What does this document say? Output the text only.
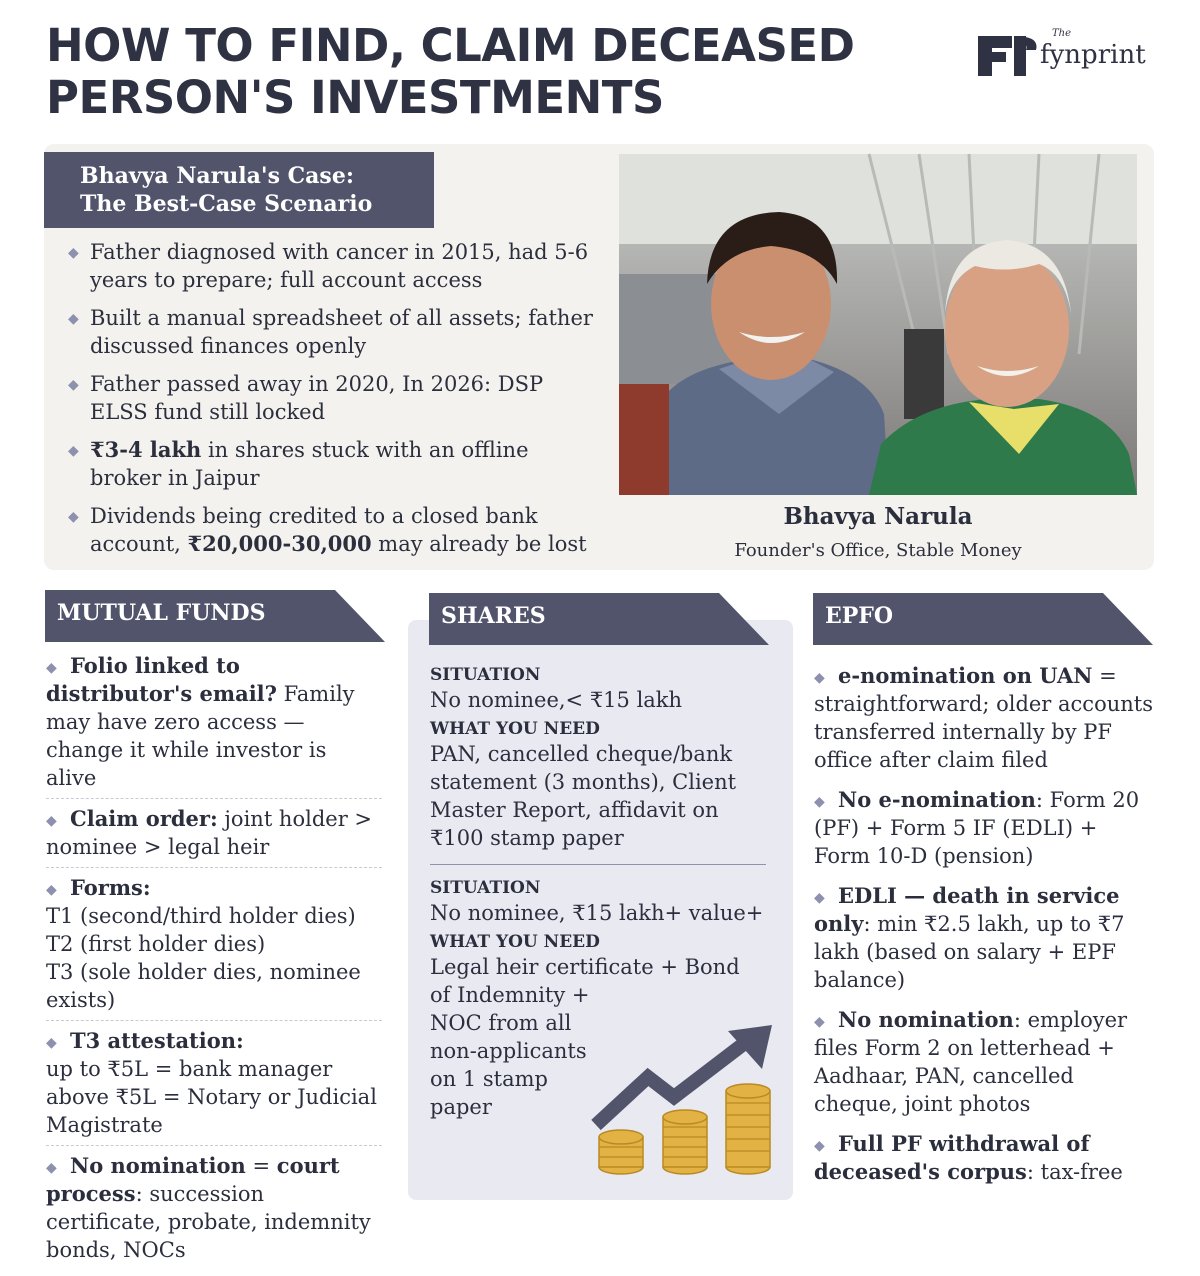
HOW TO FIND, CLAIM DECEASED
PERSON'S INVESTMENTS
The
fynprint
Bhavya Narula's Case:
The Best-Case Scenario
◆ Father diagnosed with cancer in 2015, had 5-6 years to prepare; full account access
◆ Built a manual spreadsheet of all assets; father discussed finances openly
◆ Father passed away in 2020, In 2026: DSP ELSS fund still locked
◆ ₹3-4 lakh in shares stuck with an offline broker in Jaipur
◆ Dividends being credited to a closed bank account, ₹20,000-30,000 may already be lost
Bhavya Narula
Founder's Office, Stable Money
MUTUAL FUNDS
◆ Folio linked to distributor's email? Family may have zero access — change it while investor is alive
◆ Claim order: joint holder > nominee > legal heir
◆ Forms:
T1 (second/third holder dies)
T2 (first holder dies)
T3 (sole holder dies, nominee exists)
◆ T3 attestation:
up to ₹5L = bank manager
above ₹5L = Notary or Judicial Magistrate
◆ No nomination = court process: succession certificate, probate, indemnity bonds, NOCs
SHARES
SITUATION
No nominee,< ₹15 lakh
WHAT YOU NEED
PAN, cancelled cheque/bank statement (3 months), Client Master Report, affidavit on ₹100 stamp paper
SITUATION
No nominee, ₹15 lakh+ value+
WHAT YOU NEED
Legal heir certificate + Bond
of Indemnity +
NOC from all
non-applicants
on 1 stamp
paper
EPFO
◆ e-nomination on UAN = straightforward; older accounts transferred internally by PF office after claim filed
◆ No e-nomination: Form 20 (PF) + Form 5 IF (EDLI) + Form 10-D (pension)
◆ EDLI — death in service only: min ₹2.5 lakh, up to ₹7 lakh (based on salary + EPF balance)
◆ No nomination: employer files Form 2 on letterhead + Aadhaar, PAN, cancelled cheque, joint photos
◆ Full PF withdrawal of deceased's corpus: tax-free
